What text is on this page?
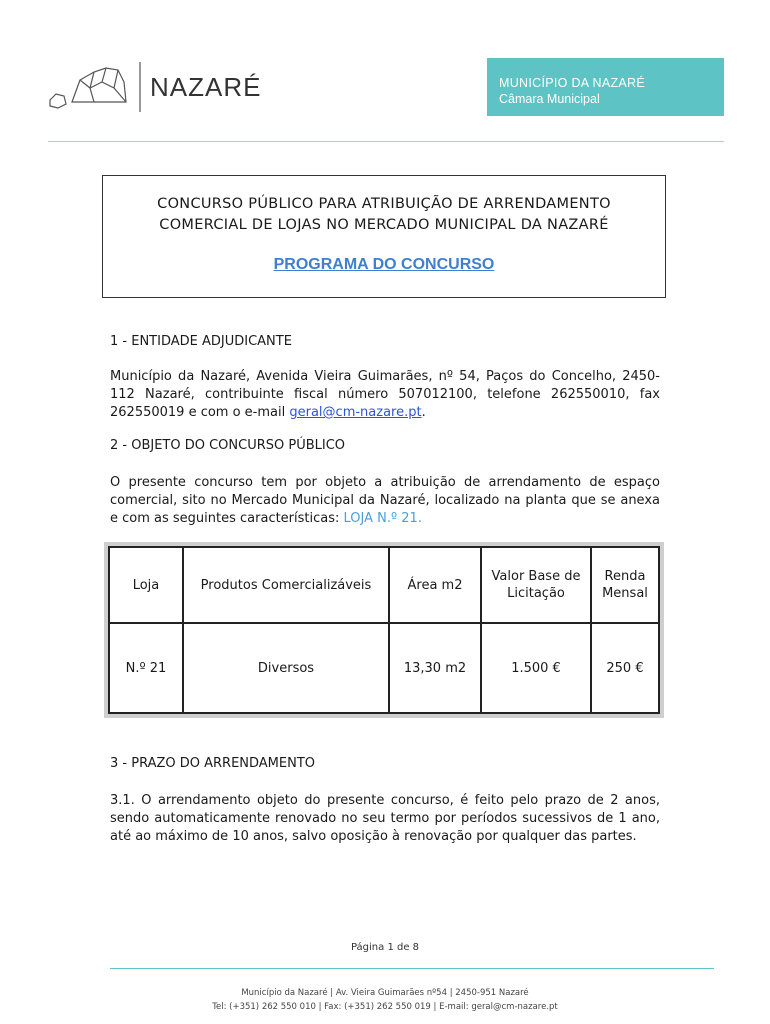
NAZARÉ	MUNICÍPIO DA NAZARÉ
Câmara Municipal
CONCURSO PÚBLICO PARA ATRIBUIÇÃO DE ARRENDAMENTO
COMERCIAL DE LOJAS NO MERCADO MUNICIPAL DA NAZARÉ
PROGRAMA DO CONCURSO
1 - ENTIDADE ADJUDICANTE
Município da Nazaré, Avenida Vieira Guimarães, nº 54, Paços do Concelho, 2450-112 Nazaré, contribuinte fiscal número 507012100, telefone 262550010, fax 262550019 e com o e-mail geral@cm-nazare.pt.
2 - OBJETO DO CONCURSO PÚBLICO
O presente concurso tem por objeto a atribuição de arrendamento de espaço comercial, sito no Mercado Municipal da Nazaré, localizado na planta que se anexa e com as seguintes características: LOJA N.º 21.
Loja	Produtos Comercializáveis	Área m2	Valor Base de Licitação	Renda Mensal
N.º 21	Diversos	13,30 m2	1.500 €	250 €
3 - PRAZO DO ARRENDAMENTO
3.1. O arrendamento objeto do presente concurso, é feito pelo prazo de 2 anos, sendo automaticamente renovado no seu termo por períodos sucessivos de 1 ano, até ao máximo de 10 anos, salvo oposição à renovação por qualquer das partes.
Página 1 de 8
Município da Nazaré | Av. Vieira Guimarães nº54 | 2450-951 Nazaré
Tel: (+351) 262 550 010 | Fax: (+351) 262 550 019 | E-mail: geral@cm-nazare.pt
